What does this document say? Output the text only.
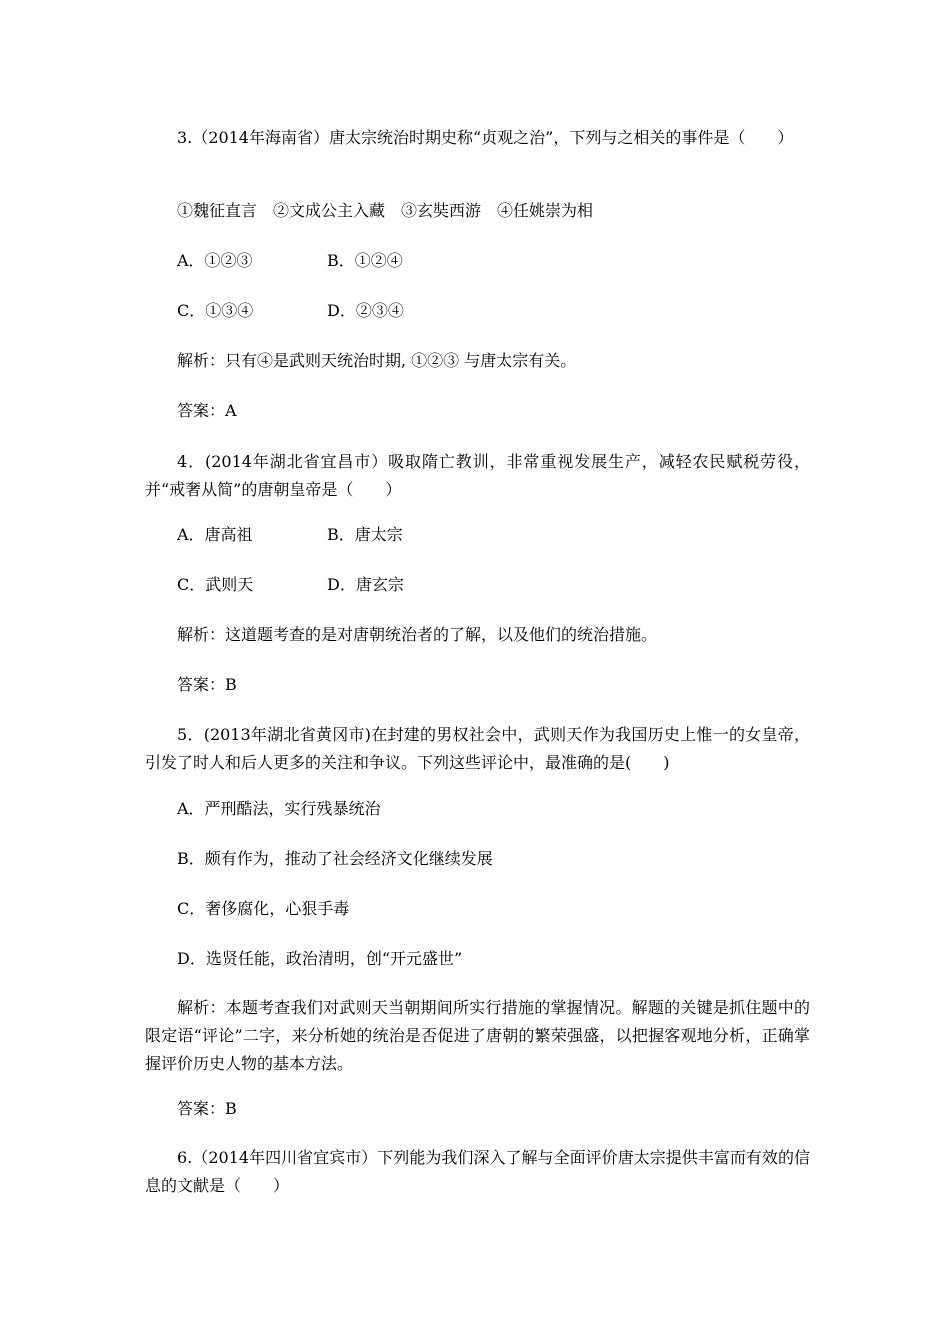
3.（2014年海南省）唐太宗统治时期史称“贞观之治”，下列与之相关的事件是（　　）
①魏征直言　②文成公主入藏　③玄奘西游　④任姚崇为相
A．①②③	B．①②④
C．①③④	D．②③④
解析：只有④是武则天统治时期, ①②③ 与唐太宗有关。
答案：A
4．(2014年湖北省宜昌市）吸取隋亡教训，非常重视发展生产，减轻农民赋税劳役，并“戒奢从简”的唐朝皇帝是（　　）
A．唐高祖	B．唐太宗
C．武则天	D．唐玄宗
解析：这道题考查的是对唐朝统治者的了解，以及他们的统治措施。
答案：B
5．(2013年湖北省黄冈市)在封建的男权社会中，武则天作为我国历史上惟一的女皇帝，引发了时人和后人更多的关注和争议。下列这些评论中，最准确的是(　　)
A．严刑酷法，实行残暴统治
B．颇有作为，推动了社会经济文化继续发展
C．奢侈腐化，心狠手毒
D．选贤任能，政治清明，创“开元盛世”
解析：本题考查我们对武则天当朝期间所实行措施的掌握情况。解题的关键是抓住题中的限定语“评论”二字，来分析她的统治是否促进了唐朝的繁荣强盛，以把握客观地分析，正确掌握评价历史人物的基本方法。
答案：B
6.（2014年四川省宜宾市）下列能为我们深入了解与全面评价唐太宗提供丰富而有效的信息的文献是（　　）
